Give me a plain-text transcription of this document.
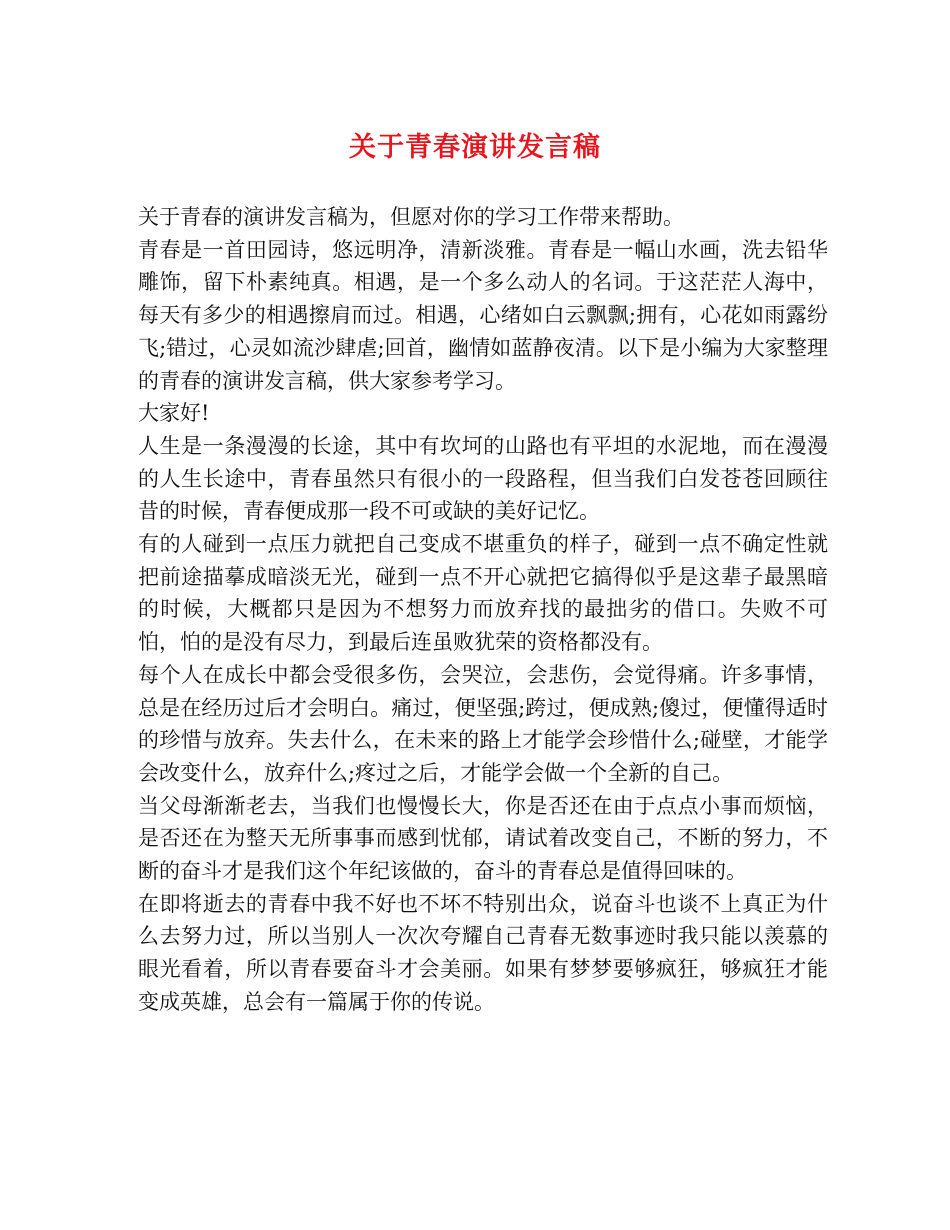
关于青春演讲发言稿

关于青春的演讲发言稿为，但愿对你的学习工作带来帮助。

青春是一首田园诗，悠远明净，清新淡雅。青春是一幅山水画，洗去铅华雕饰，留下朴素纯真。相遇，是一个多么动人的名词。于这茫茫人海中，每天有多少的相遇擦肩而过。相遇，心绪如白云飘飘;拥有，心花如雨露纷飞;错过，心灵如流沙肆虐;回首，幽情如蓝静夜清。以下是小编为大家整理的青春的演讲发言稿，供大家参考学习。

大家好!

人生是一条漫漫的长途，其中有坎坷的山路也有平坦的水泥地，而在漫漫的人生长途中，青春虽然只有很小的一段路程，但当我们白发苍苍回顾往昔的时候，青春便成那一段不可或缺的美好记忆。

有的人碰到一点压力就把自己变成不堪重负的样子，碰到一点不确定性就把前途描摹成暗淡无光，碰到一点不开心就把它搞得似乎是这辈子最黑暗的时候，大概都只是因为不想努力而放弃找的最拙劣的借口。失败不可怕，怕的是没有尽力，到最后连虽败犹荣的资格都没有。

每个人在成长中都会受很多伤，会哭泣，会悲伤，会觉得痛。许多事情，总是在经历过后才会明白。痛过，便坚强;跨过，便成熟;傻过，便懂得适时的珍惜与放弃。失去什么，在未来的路上才能学会珍惜什么;碰壁，才能学会改变什么，放弃什么;疼过之后，才能学会做一个全新的自己。

当父母渐渐老去，当我们也慢慢长大，你是否还在由于点点小事而烦恼，是否还在为整天无所事事而感到忧郁，请试着改变自己，不断的努力，不断的奋斗才是我们这个年纪该做的，奋斗的青春总是值得回味的。

在即将逝去的青春中我不好也不坏不特别出众，说奋斗也谈不上真正为什么去努力过，所以当别人一次次夸耀自己青春无数事迹时我只能以羡慕的眼光看着，所以青春要奋斗才会美丽。如果有梦梦要够疯狂，够疯狂才能变成英雄，总会有一篇属于你的传说。
